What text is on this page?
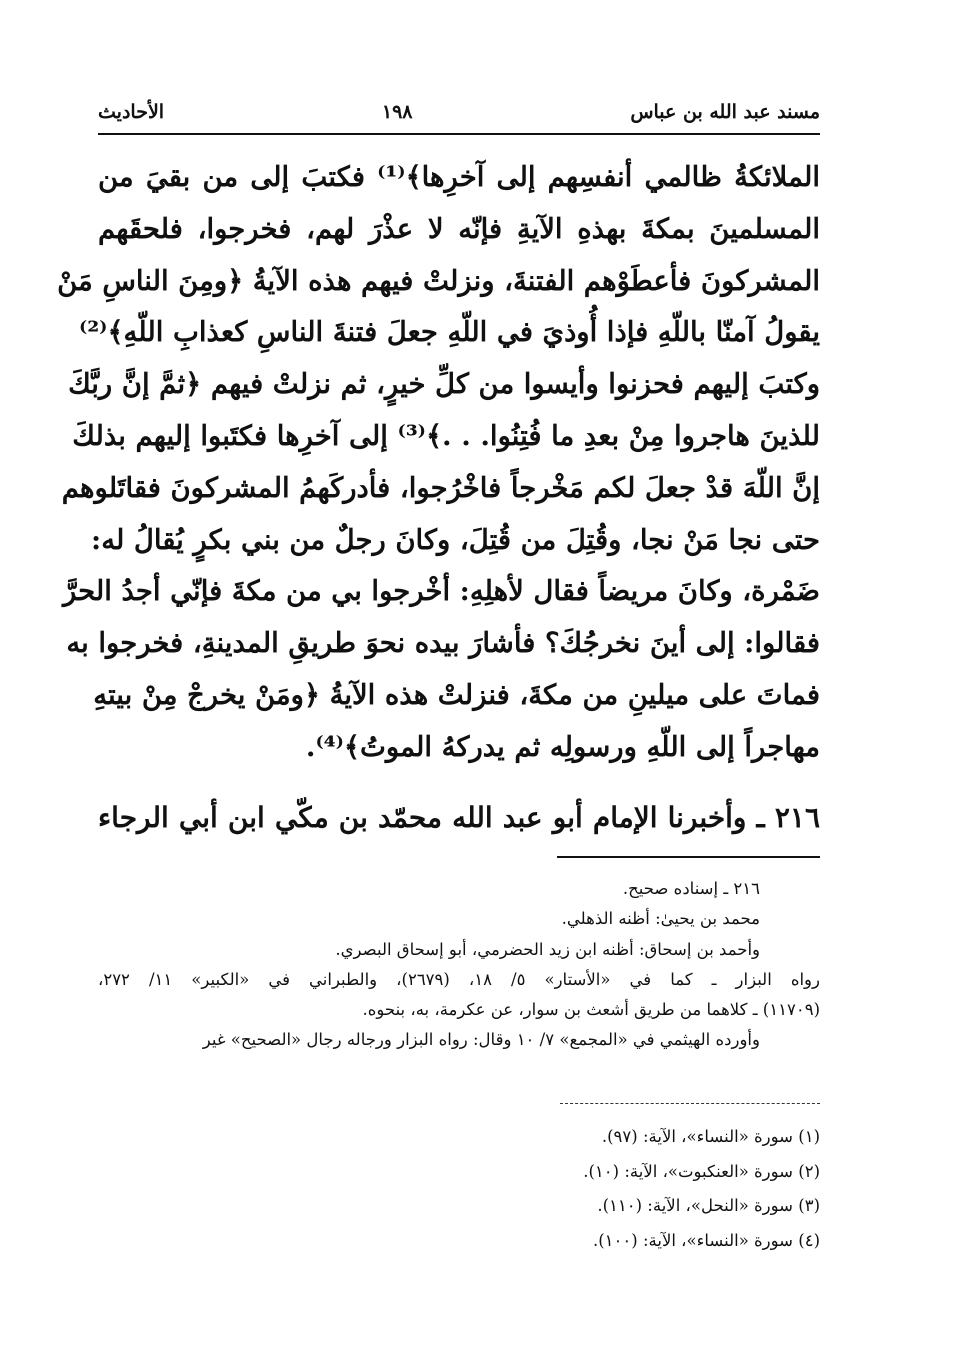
مسند عبد الله بن عباس
١٩٨
الأحاديث
الملائكةُ ظالمي أنفسِهم إلى آخرِها﴾⁽¹⁾ فكتبَ إلى من بقيَ من
المسلمينَ بمكةَ بهذهِ الآيةِ فإنّه لا عذْرَ لهم، فخرجوا، فلحقَهم
المشركونَ فأعطَوْهم الفتنةَ، ونزلتْ فيهم هذه الآيةُ ﴿ومِنَ الناسِ مَنْ
يقولُ آمنّا باللّهِ فإذا أُوذيَ في اللّهِ جعلَ فتنةَ الناسِ كعذابِ اللّهِ﴾⁽²⁾
وكتبَ إليهم فحزنوا وأيسوا من كلِّ خيرٍ، ثم نزلتْ فيهم ﴿ثمَّ إنَّ ربَّكَ
للذينَ هاجروا مِنْ بعدِ ما فُتِنُوا. . .﴾⁽³⁾ إلى آخرِها فكتَبوا إليهم بذلكَ
إنَّ اللّهَ قدْ جعلَ لكم مَخْرجاً فاخْرُجوا، فأدركَهمُ المشركونَ فقاتَلوهم
حتى نجا مَنْ نجا، وقُتِلَ من قُتِلَ، وكانَ رجلٌ من بني بكرٍ يُقالُ له:
ضَمْرة، وكانَ مريضاً فقال لأهلِهِ: أخْرجوا بي من مكةَ فإنّي أجدُ الحرَّ
فقالوا: إلى أينَ نخرجُكَ؟ فأشارَ بيده نحوَ طريقِ المدينةِ، فخرجوا به
فماتَ على ميلينِ من مكةَ، فنزلتْ هذه الآيةُ ﴿ومَنْ يخرجْ مِنْ بيتهِ
مهاجراً إلى اللّهِ ورسولِه ثم يدركهُ الموتُ﴾⁽⁴⁾.
٢١٦ ـ وأخبرنا الإمام أبو عبد الله محمّد بن مكّي ابن أبي الرجاء
٢١٦ ـ إسناده صحيح.
محمد بن يحيىٰ: أظنه الذهلي.
وأحمد بن إسحاق: أظنه ابن زيد الحضرمي، أبو إسحاق البصري.
رواه البزار ـ كما في «الأستار» ٥/ ١٨، (٢٦٧٩)، والطبراني في «الكبير» ١١/ ٢٧٢،
(١١٧٠٩) ـ كلاهما من طريق أشعث بن سوار، عن عكرمة، به، بنحوه.
وأورده الهيثمي في «المجمع» ٧/ ١٠ وقال: رواه البزار ورجاله رجال «الصحيح» غير
(١) سورة «النساء»، الآية: (٩٧).
(٢) سورة «العنكبوت»، الآية: (١٠).
(٣) سورة «النحل»، الآية: (١١٠).
(٤) سورة «النساء»، الآية: (١٠٠).
